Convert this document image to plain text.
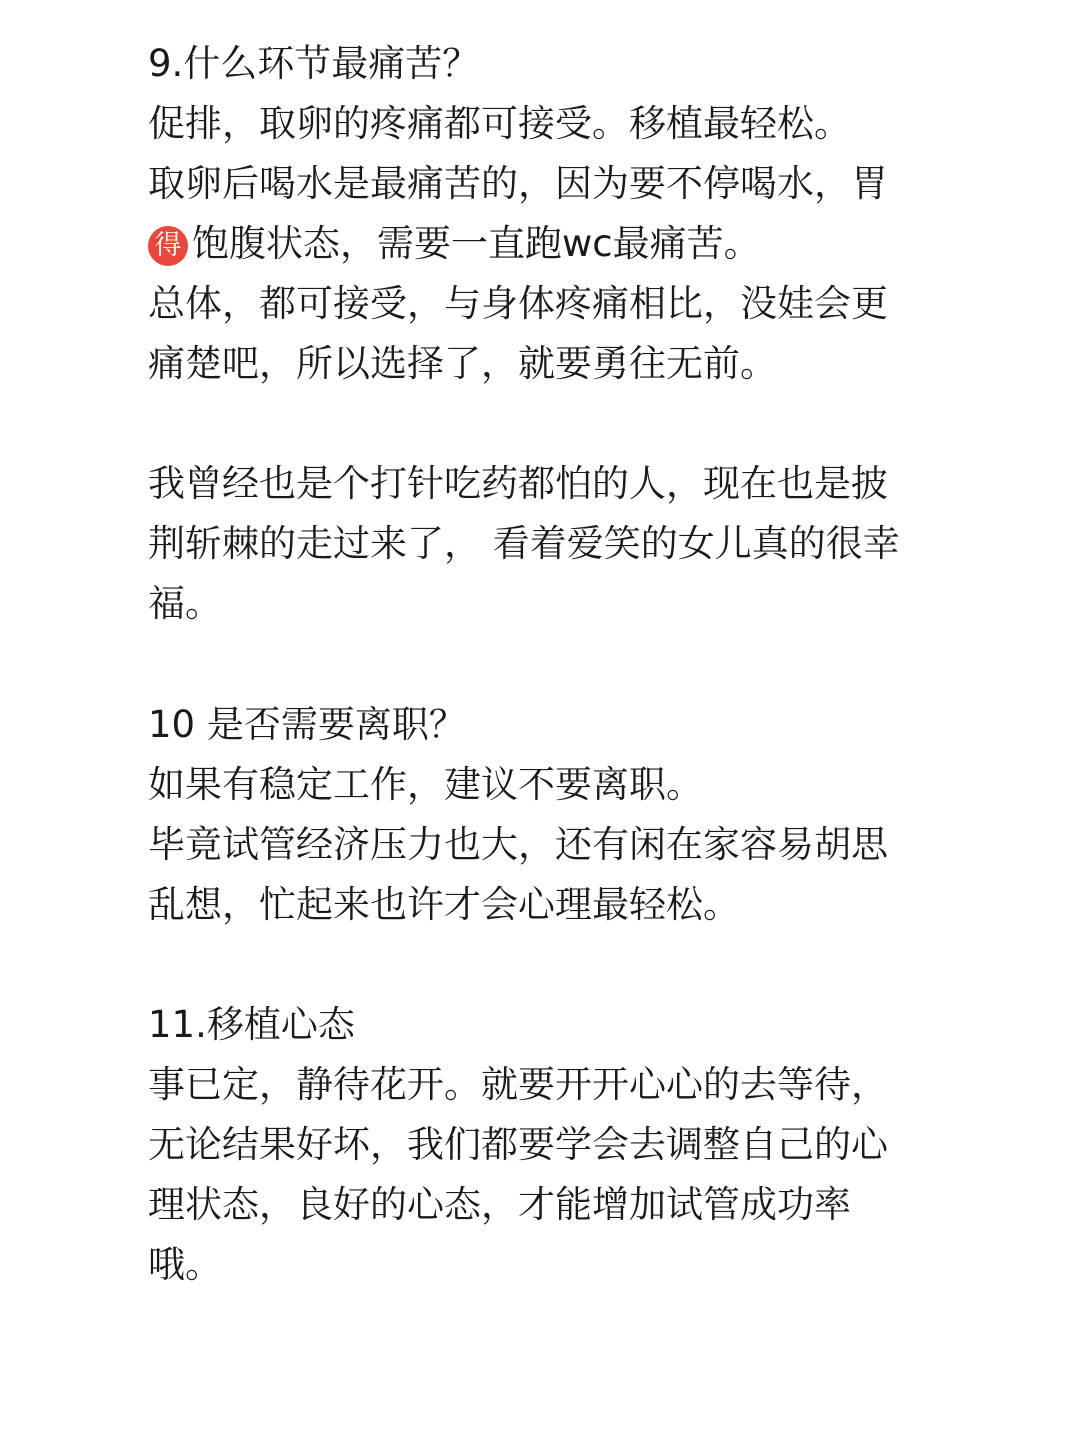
9.什么环节最痛苦？
促排，取卵的疼痛都可接受。移植最轻松。
取卵后喝水是最痛苦的，因为要不停喝水，胃
得 饱腹状态，需要一直跑wc最痛苦。
总体，都可接受，与身体疼痛相比，没娃会更
痛楚吧，所以选择了，就要勇往无前。
我曾经也是个打针吃药都怕的人，现在也是披
荆斩棘的走过来了， 看着爱笑的女儿真的很幸
福。
10 是否需要离职？
如果有稳定工作，建议不要离职。
毕竟试管经济压力也大，还有闲在家容易胡思
乱想，忙起来也许才会心理最轻松。
11.移植心态
事已定，静待花开。就要开开心心的去等待，
无论结果好坏，我们都要学会去调整自己的心
理状态，良好的心态，才能增加试管成功率
哦。
